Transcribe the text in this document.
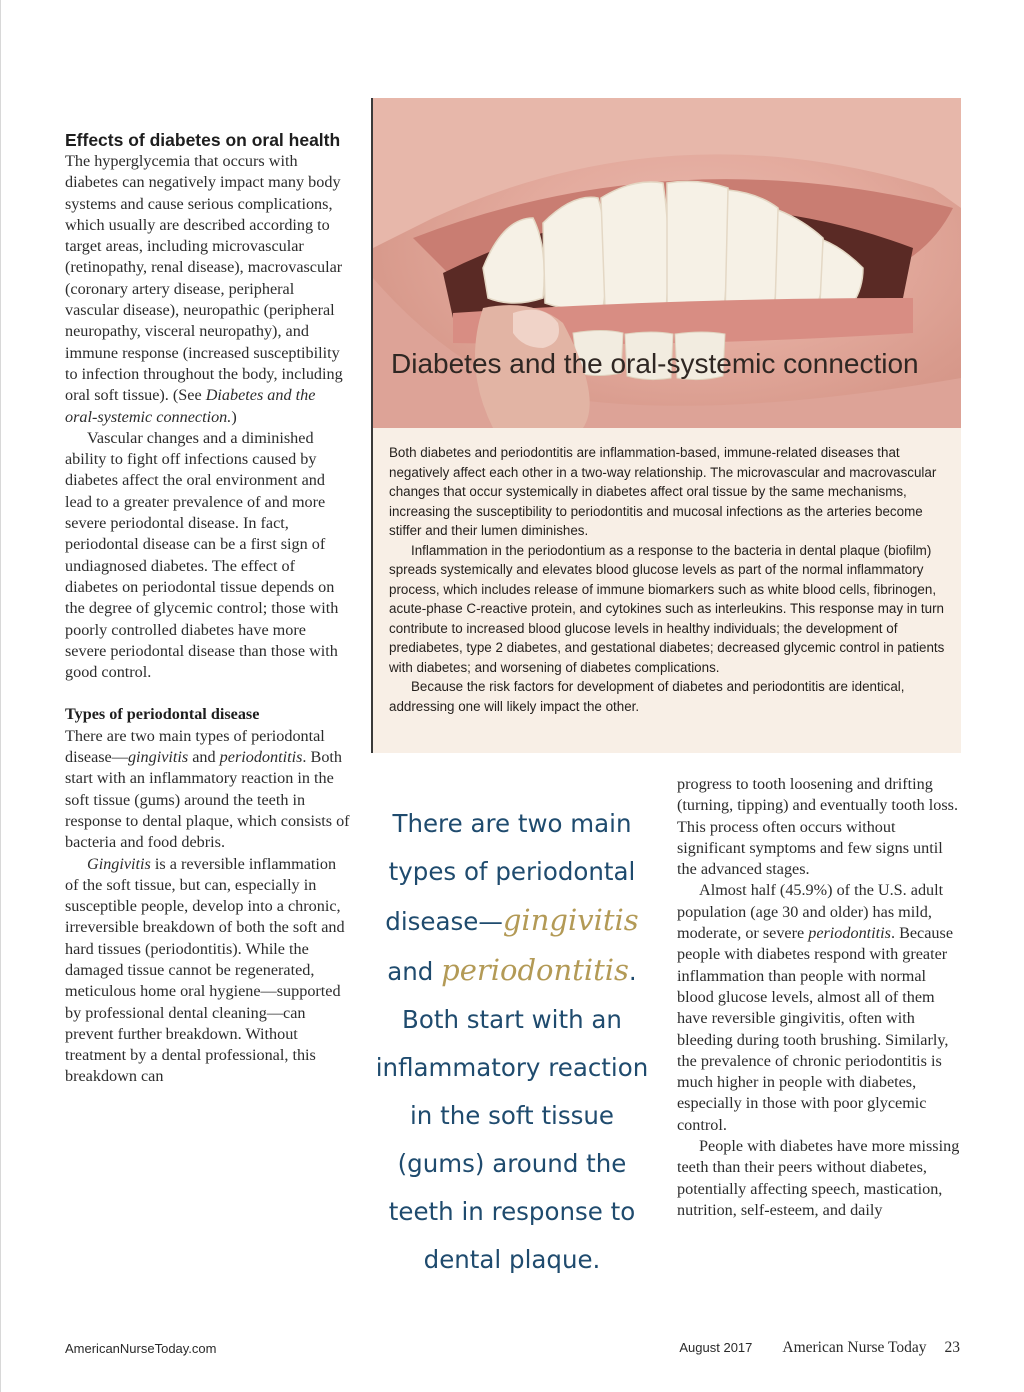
Effects of diabetes on oral health

The hyperglycemia that occurs with diabetes can negatively impact many body systems and cause serious complications, which usually are described according to target areas, including microvascular (retinopathy, renal disease), macrovascular (coronary artery disease, peripheral vascular disease), neuropathic (peripheral neuropathy, visceral neuropathy), and immune response (increased susceptibility to infection throughout the body, including oral soft tissue). (See Diabetes and the oral-systemic connection.)

Vascular changes and a diminished ability to fight off infections caused by diabetes affect the oral environment and lead to a greater prevalence of and more severe periodontal disease. In fact, periodontal disease can be a first sign of undiagnosed diabetes. The effect of diabetes on periodontal tissue depends on the degree of glycemic control; those with poorly controlled diabetes have more severe periodontal disease than those with good control.

Types of periodontal disease

There are two main types of periodontal disease—gingivitis and periodontitis. Both start with an inflammatory reaction in the soft tissue (gums) around the teeth in response to dental plaque, which consists of bacteria and food debris.

Gingivitis is a reversible inflammation of the soft tissue, but can, especially in susceptible people, develop into a chronic, irreversible breakdown of both the soft and hard tissues (periodontitis). While the damaged tissue cannot be regenerated, meticulous home oral hygiene—supported by professional dental cleaning—can prevent further breakdown. Without treatment by a dental professional, this breakdown can

Diabetes and the oral-systemic connection

Both diabetes and periodontitis are inflammation-based, immune-related diseases that negatively affect each other in a two-way relationship. The microvascular and macrovascular changes that occur systemically in diabetes affect oral tissue by the same mechanisms, increasing the susceptibility to periodontitis and mucosal infections as the arteries become stiffer and their lumen diminishes.

Inflammation in the periodontium as a response to the bacteria in dental plaque (biofilm) spreads systemically and elevates blood glucose levels as part of the normal inflammatory process, which includes release of immune biomarkers such as white blood cells, fibrinogen, acute-phase C-reactive protein, and cytokines such as interleukins. This response may in turn contribute to increased blood glucose levels in healthy individuals; the development of prediabetes, type 2 diabetes, and gestational diabetes; decreased glycemic control in patients with diabetes; and worsening of diabetes complications.

Because the risk factors for development of diabetes and periodontitis are identical, addressing one will likely impact the other.

There are two main types of periodontal disease—gingivitis and periodontitis. Both start with an inflammatory reaction in the soft tissue (gums) around the teeth in response to dental plaque.

progress to tooth loosening and drifting (turning, tipping) and eventually tooth loss. This process often occurs without significant symptoms and few signs until the advanced stages.

Almost half (45.9%) of the U.S. adult population (age 30 and older) has mild, moderate, or severe periodontitis. Because people with diabetes respond with greater inflammation than people with normal blood glucose levels, almost all of them have reversible gingivitis, often with bleeding during tooth brushing. Similarly, the prevalence of chronic periodontitis is much higher in people with diabetes, especially in those with poor glycemic control.

People with diabetes have more missing teeth than their peers without diabetes, potentially affecting speech, mastication, nutrition, self-esteem, and daily

AmericanNurseToday.com	August 2017 American Nurse Today 23
